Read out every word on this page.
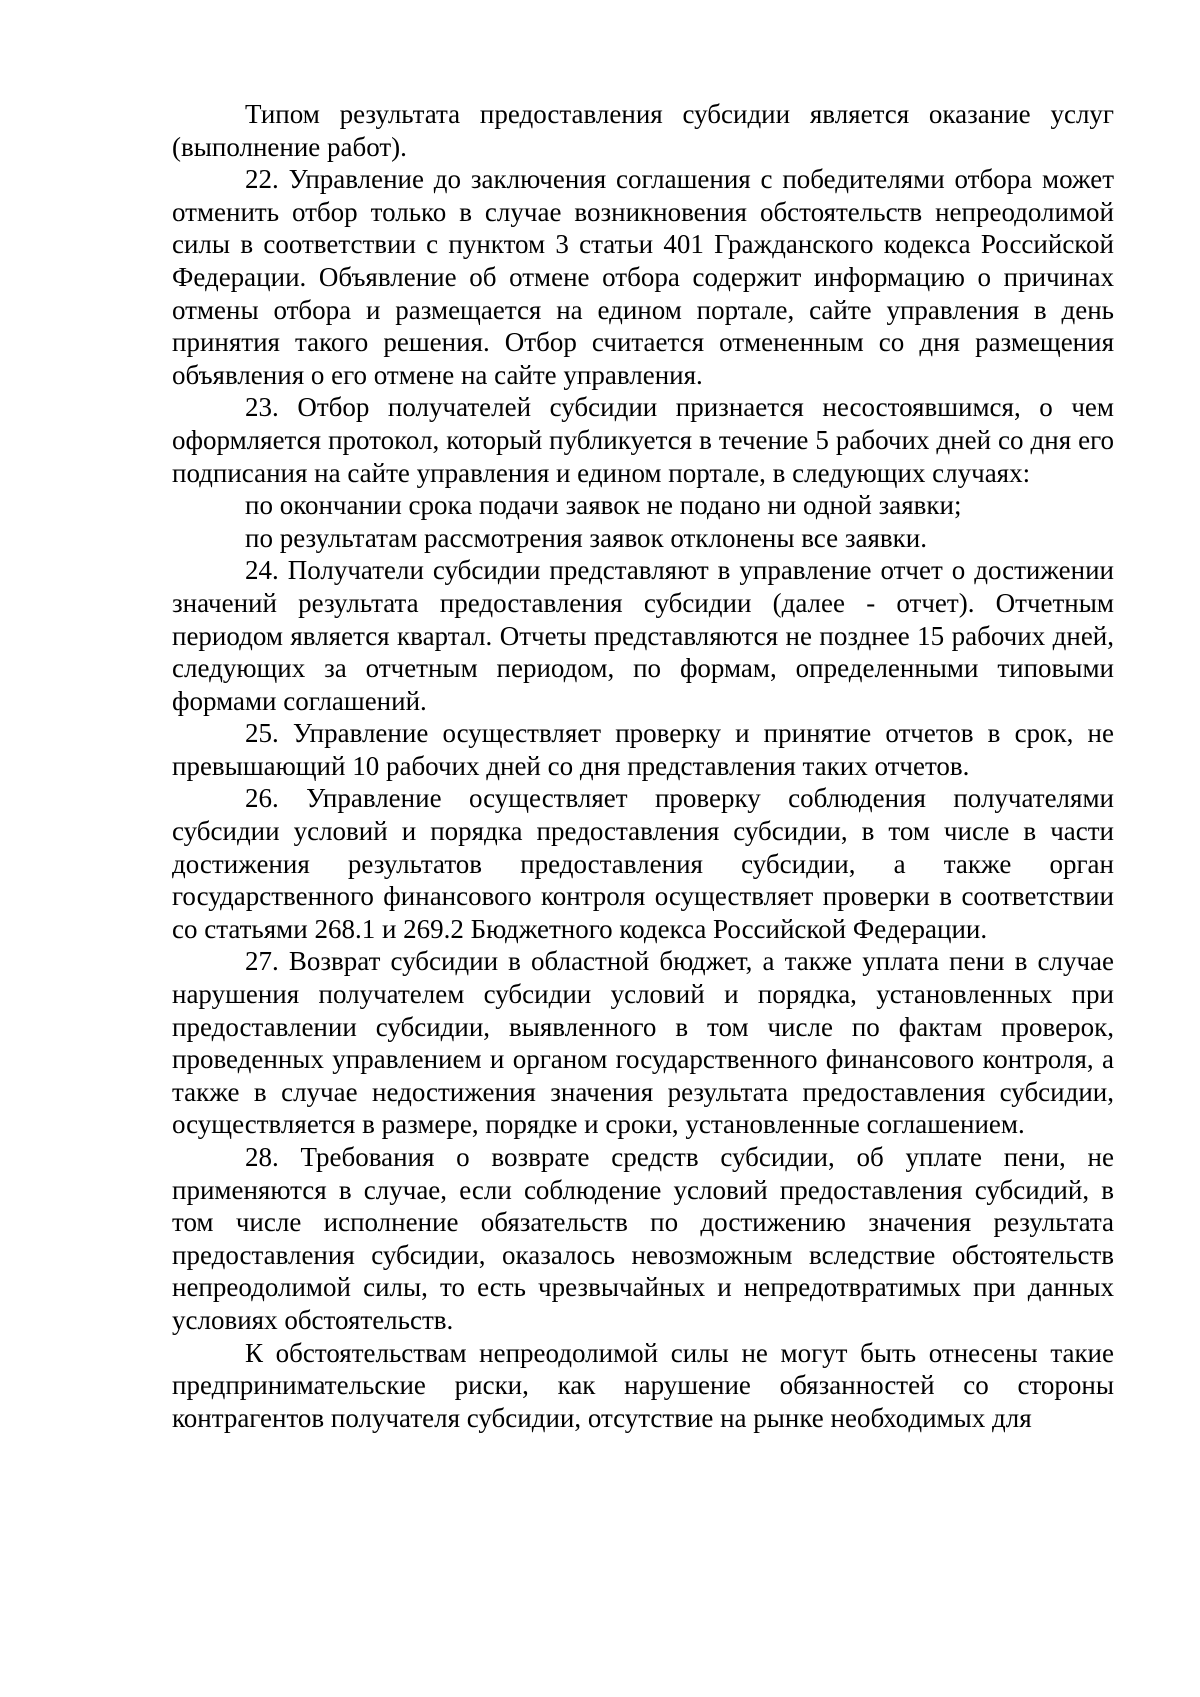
Типом результата предоставления субсидии является оказание услуг (выполнение работ).

22. Управление до заключения соглашения с победителями отбора может отменить отбор только в случае возникновения обстоятельств непреодолимой силы в соответствии с пунктом 3 статьи 401 Гражданского кодекса Российской Федерации. Объявление об отмене отбора содержит информацию о причинах отмены отбора и размещается на едином портале, сайте управления в день принятия такого решения. Отбор считается отмененным со дня размещения объявления о его отмене на сайте управления.

23. Отбор получателей субсидии признается несостоявшимся, о чем оформляется протокол, который публикуется в течение 5 рабочих дней со дня его подписания на сайте управления и едином портале, в следующих случаях:

по окончании срока подачи заявок не подано ни одной заявки;

по результатам рассмотрения заявок отклонены все заявки.

24. Получатели субсидии представляют в управление отчет о достижении значений результата предоставления субсидии (далее - отчет). Отчетным периодом является квартал. Отчеты представляются не позднее 15 рабочих дней, следующих за отчетным периодом, по формам, определенными типовыми формами соглашений.

25. Управление осуществляет проверку и принятие отчетов в срок, не превышающий 10 рабочих дней со дня представления таких отчетов.

26. Управление осуществляет проверку соблюдения получателями субсидии условий и порядка предоставления субсидии, в том числе в части достижения результатов предоставления субсидии, а также орган государственного финансового контроля осуществляет проверки в соответствии со статьями 268.1 и 269.2 Бюджетного кодекса Российской Федерации.

27. Возврат субсидии в областной бюджет, а также уплата пени в случае нарушения получателем субсидии условий и порядка, установленных при предоставлении субсидии, выявленного в том числе по фактам проверок, проведенных управлением и органом государственного финансового контроля, а также в случае недостижения значения результата предоставления субсидии, осуществляется в размере, порядке и сроки, установленные соглашением.

28. Требования о возврате средств субсидии, об уплате пени, не применяются в случае, если соблюдение условий предоставления субсидий, в том числе исполнение обязательств по достижению значения результата предоставления субсидии, оказалось невозможным вследствие обстоятельств непреодолимой силы, то есть чрезвычайных и непредотвратимых при данных условиях обстоятельств.

К обстоятельствам непреодолимой силы не могут быть отнесены такие предпринимательские риски, как нарушение обязанностей со стороны контрагентов получателя субсидии, отсутствие на рынке необходимых для
